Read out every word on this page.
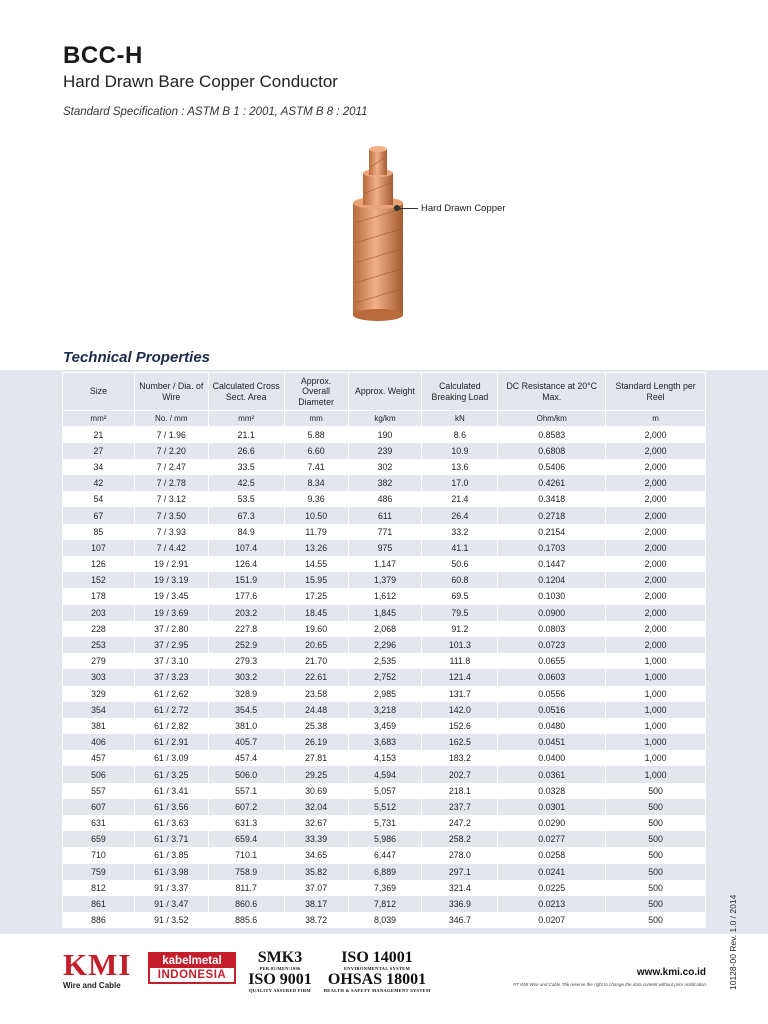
BCC-H
Hard Drawn Bare Copper Conductor
Standard Specification : ASTM B 1 : 2001, ASTM B 8 : 2011
Hard Drawn Copper
Technical Properties
Size	Number / Dia. of Wire	Calculated Cross Sect. Area	Approx. Overall Diameter	Approx. Weight	Calculated Breaking Load	DC Resistance at 20°C Max.	Standard Length per Reel
mm²	No. / mm	mm²	mm	kg/km	kN	Ohm/km	m
21	7 / 1.96	21.1	5.88	190	8.6	0.8583	2,000
27	7 / 2.20	26.6	6.60	239	10.9	0.6808	2,000
34	7 / 2.47	33.5	7.41	302	13.6	0.5406	2,000
42	7 / 2.78	42.5	8.34	382	17.0	0.4261	2,000
54	7 / 3.12	53.5	9.36	486	21.4	0.3418	2,000
67	7 / 3.50	67.3	10.50	611	26.4	0.2718	2,000
85	7 / 3.93	84.9	11.79	771	33.2	0.2154	2,000
107	7 / 4.42	107.4	13.26	975	41.1	0.1703	2,000
126	19 / 2.91	126.4	14.55	1,147	50.6	0.1447	2,000
152	19 / 3.19	151.9	15.95	1,379	60.8	0.1204	2,000
178	19 / 3.45	177.6	17.25	1,612	69.5	0.1030	2,000
203	19 / 3.69	203.2	18.45	1,845	79.5	0.0900	2,000
228	37 / 2.80	227.8	19.60	2,068	91.2	0.0803	2,000
253	37 / 2.95	252.9	20.65	2,296	101.3	0.0723	2,000
279	37 / 3.10	279.3	21.70	2,535	111.8	0.0655	1,000
303	37 / 3.23	303.2	22.61	2,752	121.4	0.0603	1,000
329	61 / 2.62	328.9	23.58	2,985	131.7	0.0556	1,000
354	61 / 2.72	354.5	24.48	3,218	142.0	0.0516	1,000
381	61 / 2.82	381.0	25.38	3,459	152.6	0.0480	1,000
406	61 / 2.91	405.7	26.19	3,683	162.5	0.0451	1,000
457	61 / 3.09	457.4	27.81	4,153	183.2	0.0400	1,000
506	61 / 3.25	506.0	29.25	4,594	202.7	0.0361	1,000
557	61 / 3.41	557.1	30.69	5,057	218.1	0.0328	500
607	61 / 3.56	607.2	32.04	5,512	237.7	0.0301	500
631	61 / 3.63	631.3	32.67	5,731	247.2	0.0290	500
659	61 / 3.71	659.4	33.39	5,986	258.2	0.0277	500
710	61 / 3.85	710.1	34.65	6,447	278.0	0.0258	500
759	61 / 3.98	758.9	35.82	6,889	297.1	0.0241	500
812	91 / 3.37	811.7	37.07	7,369	321.4	0.0225	500
861	91 / 3.47	860.6	38.17	7,812	336.9	0.0213	500
886	91 / 3.52	885.6	38.72	8,039	346.7	0.0207	500	10128-00 Rev. 1.0 / 2014
KMI
Wire and Cable
kabelmetal
INDONESIA
SMK3
PER.05/MEN/1996
ISO 9001
QUALITY ASSURED FIRM
ISO 14001
ENVIRONMENTAL SYSTEM
OHSAS 18001
HEALTH & SAFETY MANAGEMENT SYSTEM
www.kmi.co.id
PT KMI Wire and Cable Tbk reserve the right to change the data content without prior notification
